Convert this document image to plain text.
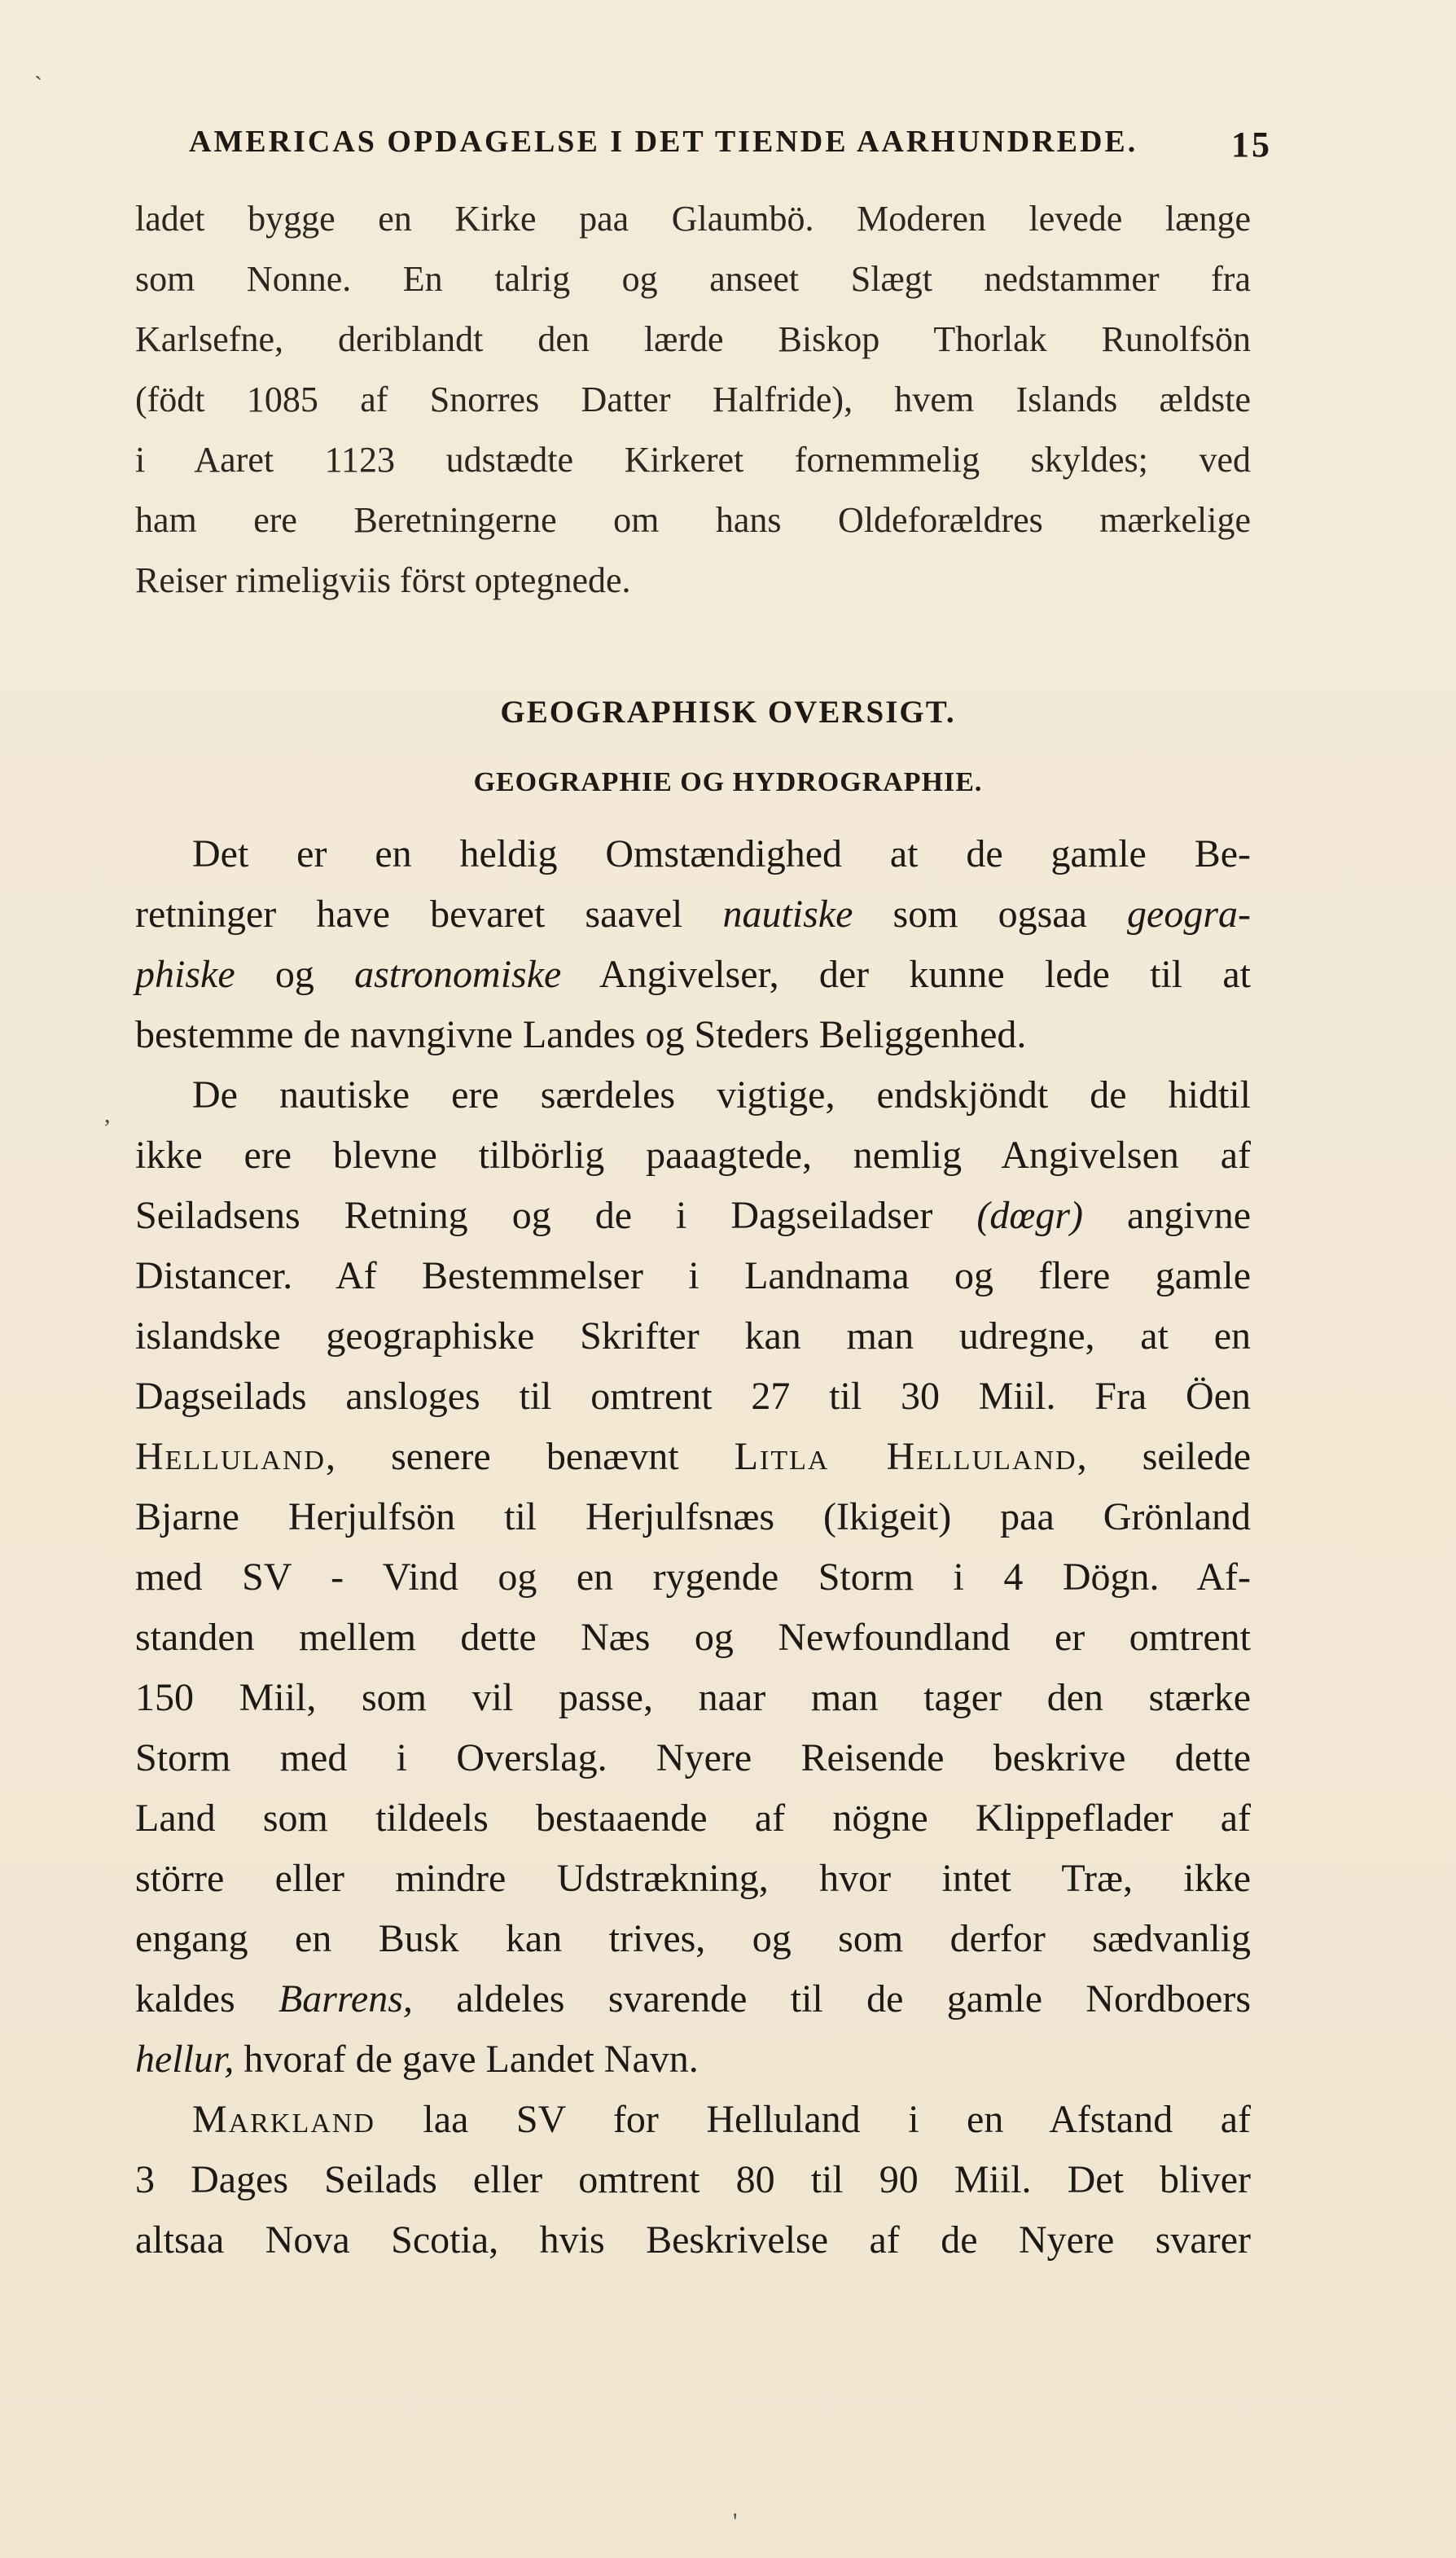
AMERICAS OPDAGELSE I DET TIENDE AARHUNDREDE.	15
ladet bygge en Kirke paa Glaumbö. Moderen levede længe
som Nonne. En talrig og anseet Slægt nedstammer fra
Karlsefne, deriblandt den lærde Biskop Thorlak Runolfsön
(födt 1085 af Snorres Datter Halfride), hvem Islands ældste
i Aaret 1123 udstædte Kirkeret fornemmelig skyldes; ved
ham ere Beretningerne om hans Oldeforældres mærkelige
Reiser rimeligviis först optegnede.
GEOGRAPHISK OVERSIGT.
GEOGRAPHIE OG HYDROGRAPHIE.
Det er en heldig Omstændighed at de gamle Be-
retninger have bevaret saavel nautiske som ogsaa geogra-
phiske og astronomiske Angivelser, der kunne lede til at
bestemme de navngivne Landes og Steders Beliggenhed.
De nautiske ere særdeles vigtige, endskjöndt de hidtil
ikke ere blevne tilbörlig paaagtede, nemlig Angivelsen af
Seiladsens Retning og de i Dagseiladser (dœgr) angivne
Distancer. Af Bestemmelser i Landnama og flere gamle
islandske geographiske Skrifter kan man udregne, at en
Dagseilads ansloges til omtrent 27 til 30 Miil. Fra Öen
Helluland, senere benævnt Litla Helluland, seilede
Bjarne Herjulfsön til Herjulfsnæs (Ikigeit) paa Grönland
med SV - Vind og en rygende Storm i 4 Dögn. Af-
standen mellem dette Næs og Newfoundland er omtrent
150 Miil, som vil passe, naar man tager den stærke
Storm med i Overslag. Nyere Reisende beskrive dette
Land som tildeels bestaaende af nögne Klippeflader af
större eller mindre Udstrækning, hvor intet Træ, ikke
engang en Busk kan trives, og som derfor sædvanlig
kaldes Barrens, aldeles svarende til de gamle Nordboers
hellur, hvoraf de gave Landet Navn.
Markland laa SV for Helluland i en Afstand af
3 Dages Seilads eller omtrent 80 til 90 Miil. Det bliver
altsaa Nova Scotia, hvis Beskrivelse af de Nyere svarer
`
,
'
